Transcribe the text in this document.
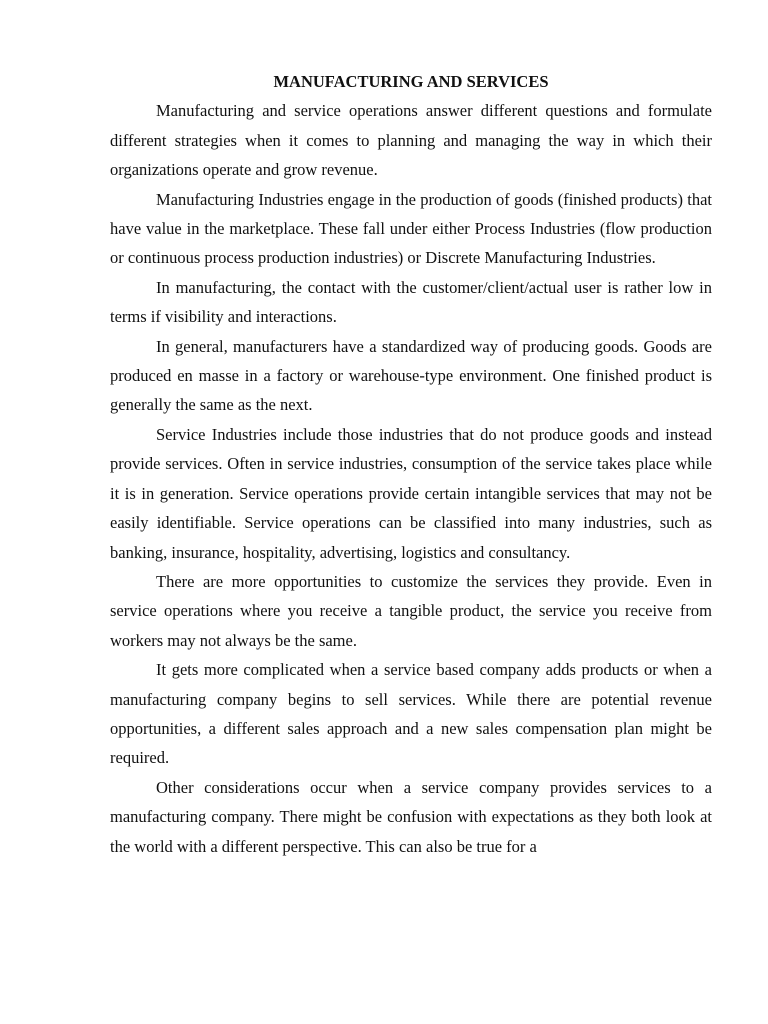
MANUFACTURING AND SERVICES

Manufacturing and service operations answer different questions and formulate different strategies when it comes to planning and managing the way in which their organizations operate and grow revenue.

Manufacturing Industries engage in the production of goods (finished products) that have value in the marketplace. These fall under either Process Industries (flow production or continuous process production industries) or Discrete Manufacturing Industries.

In manufacturing, the contact with the customer/client/actual user is rather low in terms if visibility and interactions.

In general, manufacturers have a standardized way of producing goods. Goods are produced en masse in a factory or warehouse-type environment. One finished product is generally the same as the next.

Service Industries include those industries that do not produce goods and instead provide services. Often in service industries, consumption of the service takes place while it is in generation. Service operations provide certain intangible services that may not be easily identifiable. Service operations can be classified into many industries, such as banking, insurance, hospitality, advertising, logistics and consultancy.

There are more opportunities to customize the services they provide. Even in service operations where you receive a tangible product, the service you receive from workers may not always be the same.

It gets more complicated when a service based company adds products or when a manufacturing company begins to sell services. While there are potential revenue opportunities, a different sales approach and a new sales compensation plan might be required.

Other considerations occur when a service company provides services to a manufacturing company. There might be confusion with expectations as they both look at the world with a different perspective. This can also be true for a
